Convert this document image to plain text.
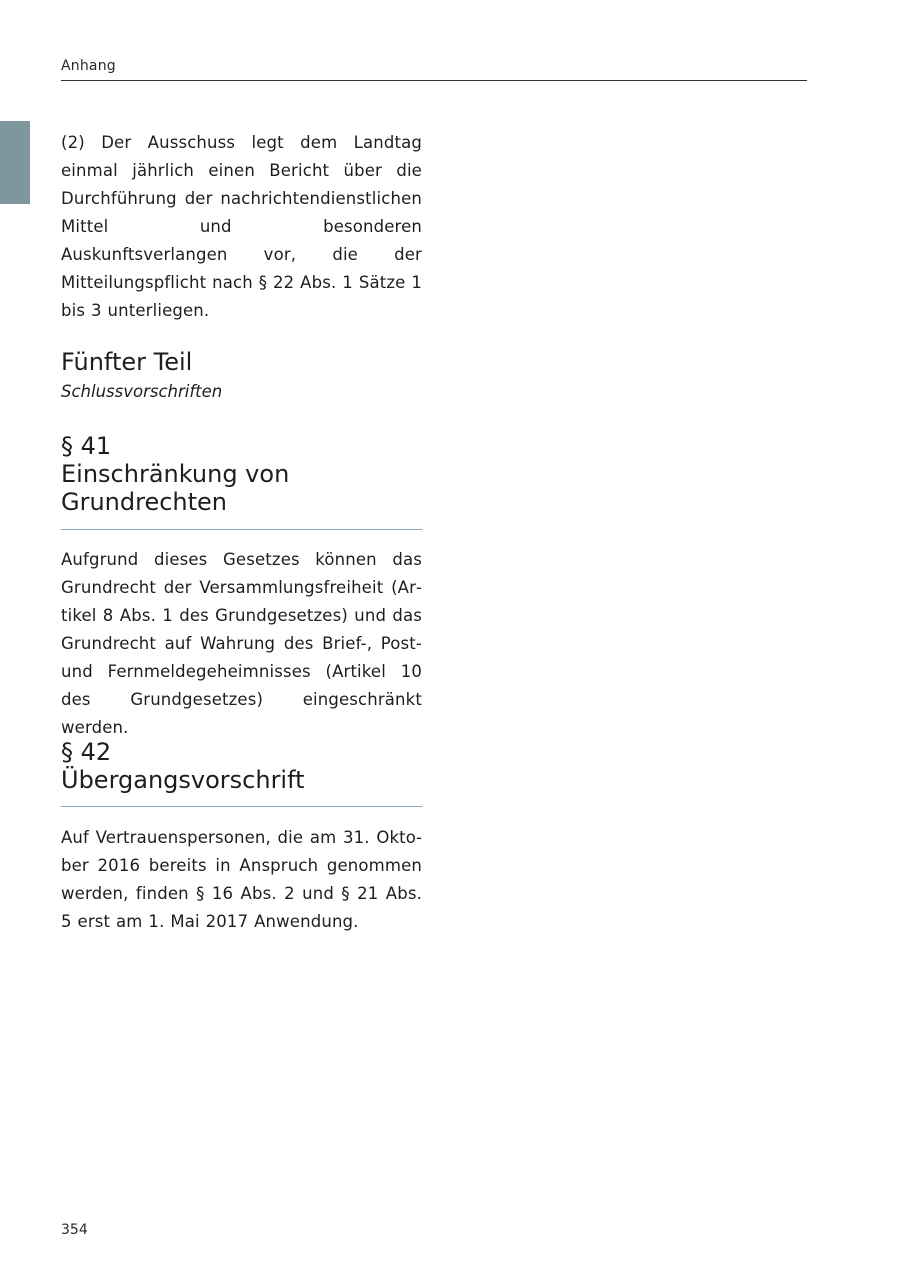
Anhang

(2) Der Ausschuss legt dem Landtag einmal jährlich einen Bericht über die Durchführung der nachrichtendienstlichen Mittel und besonderen Auskunftsverlangen vor, die der Mitteilungspflicht nach § 22 Abs. 1 Sätze 1 bis 3 unterliegen.

Fünfter Teil
Schlussvorschriften
§ 41
Einschränkung von
Grundrechten

Aufgrund dieses Gesetzes können das Grundrecht der Versammlungsfreiheit (Artikel 8 Abs. 1 des Grundgesetzes) und das Grundrecht auf Wahrung des Brief-, Post- und Fernmeldegeheimnisses (Artikel 10 des Grundgesetzes) eingeschränkt werden.

§ 42
Übergangsvorschrift

Auf Vertrauenspersonen, die am 31. Oktober 2016 bereits in Anspruch genommen werden, finden § 16 Abs. 2 und § 21 Abs. 5 erst am 1. Mai 2017 Anwendung.

354
